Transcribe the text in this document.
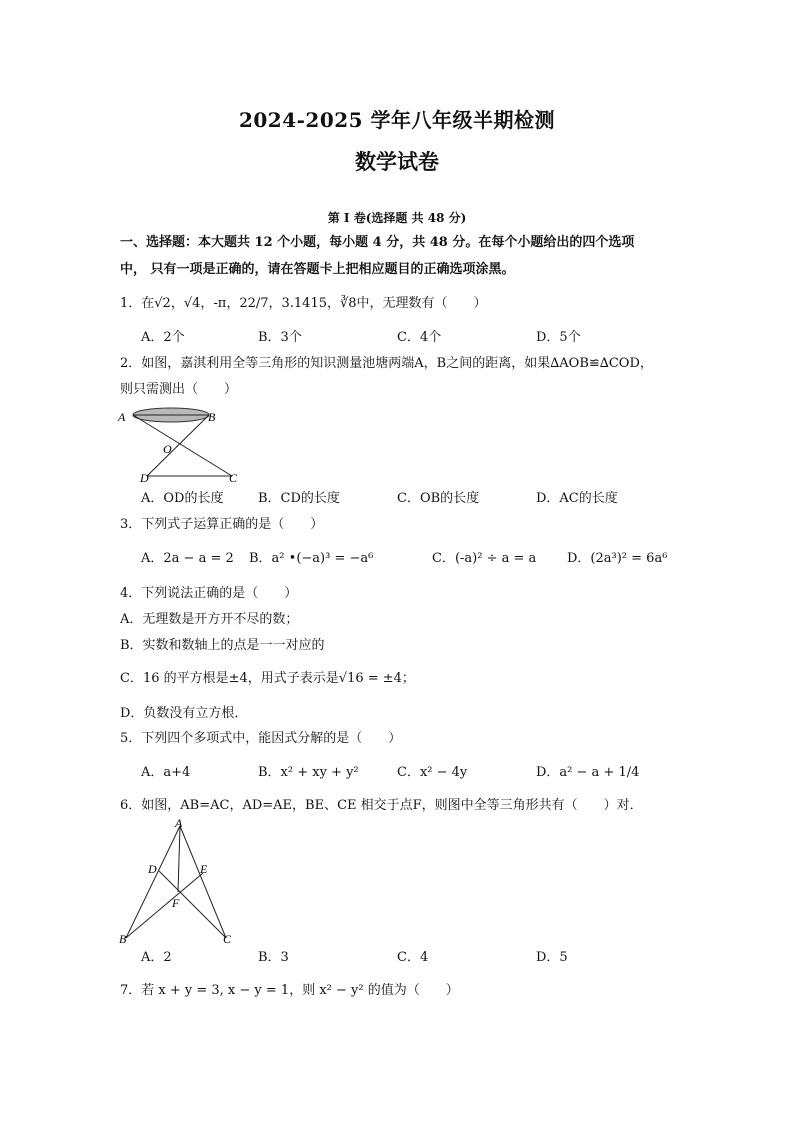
2024-2025 学年八年级半期检测
数学试卷
第 I 卷(选择题 共 48 分)
一、选择题：本大题共 12 个小题，每小题 4 分，共 48 分。在每个小题给出的四个选项
中， 只有一项是正确的，请在答题卡上把相应题目的正确选项涂黑。
1．在√2，√4，-π，22/7，3.1415，∛8中，无理数有（　　）
A．2个	B．3个	C．4个	D．5个
2．如图，嘉淇利用全等三角形的知识测量池塘两端A，B之间的距离，如果∆AOB≌∆COD，
则只需测出（　　）
A	B
O
D	C
A．OD的长度	B．CD的长度	C．OB的长度	D．AC的长度
3．下列式子运算正确的是（　　）
A．2a − a = 2 B．a² •(−a)³ = −a⁶	C．(-a)² ÷ a = a D．(2a³)² = 6a⁶
4．下列说法正确的是（　　）
A．无理数是开方开不尽的数；
B．实数和数轴上的点是一一对应的
C．16 的平方根是±4，用式子表示是√16 = ±4；
D．负数没有立方根．
5．下列四个多项式中，能因式分解的是（　　）
A．a+4	B．x² + xy + y²	C．x² − 4y	D．a² − a + 1/4
6．如图，AB=AC，AD=AE，BE、CE 相交于点F，则图中全等三角形共有（　　）对．
A
D	E
F
B	C
A．2	B．3	C．4	D．5
7．若 x + y = 3, x − y = 1，则 x² − y² 的值为（　　）
